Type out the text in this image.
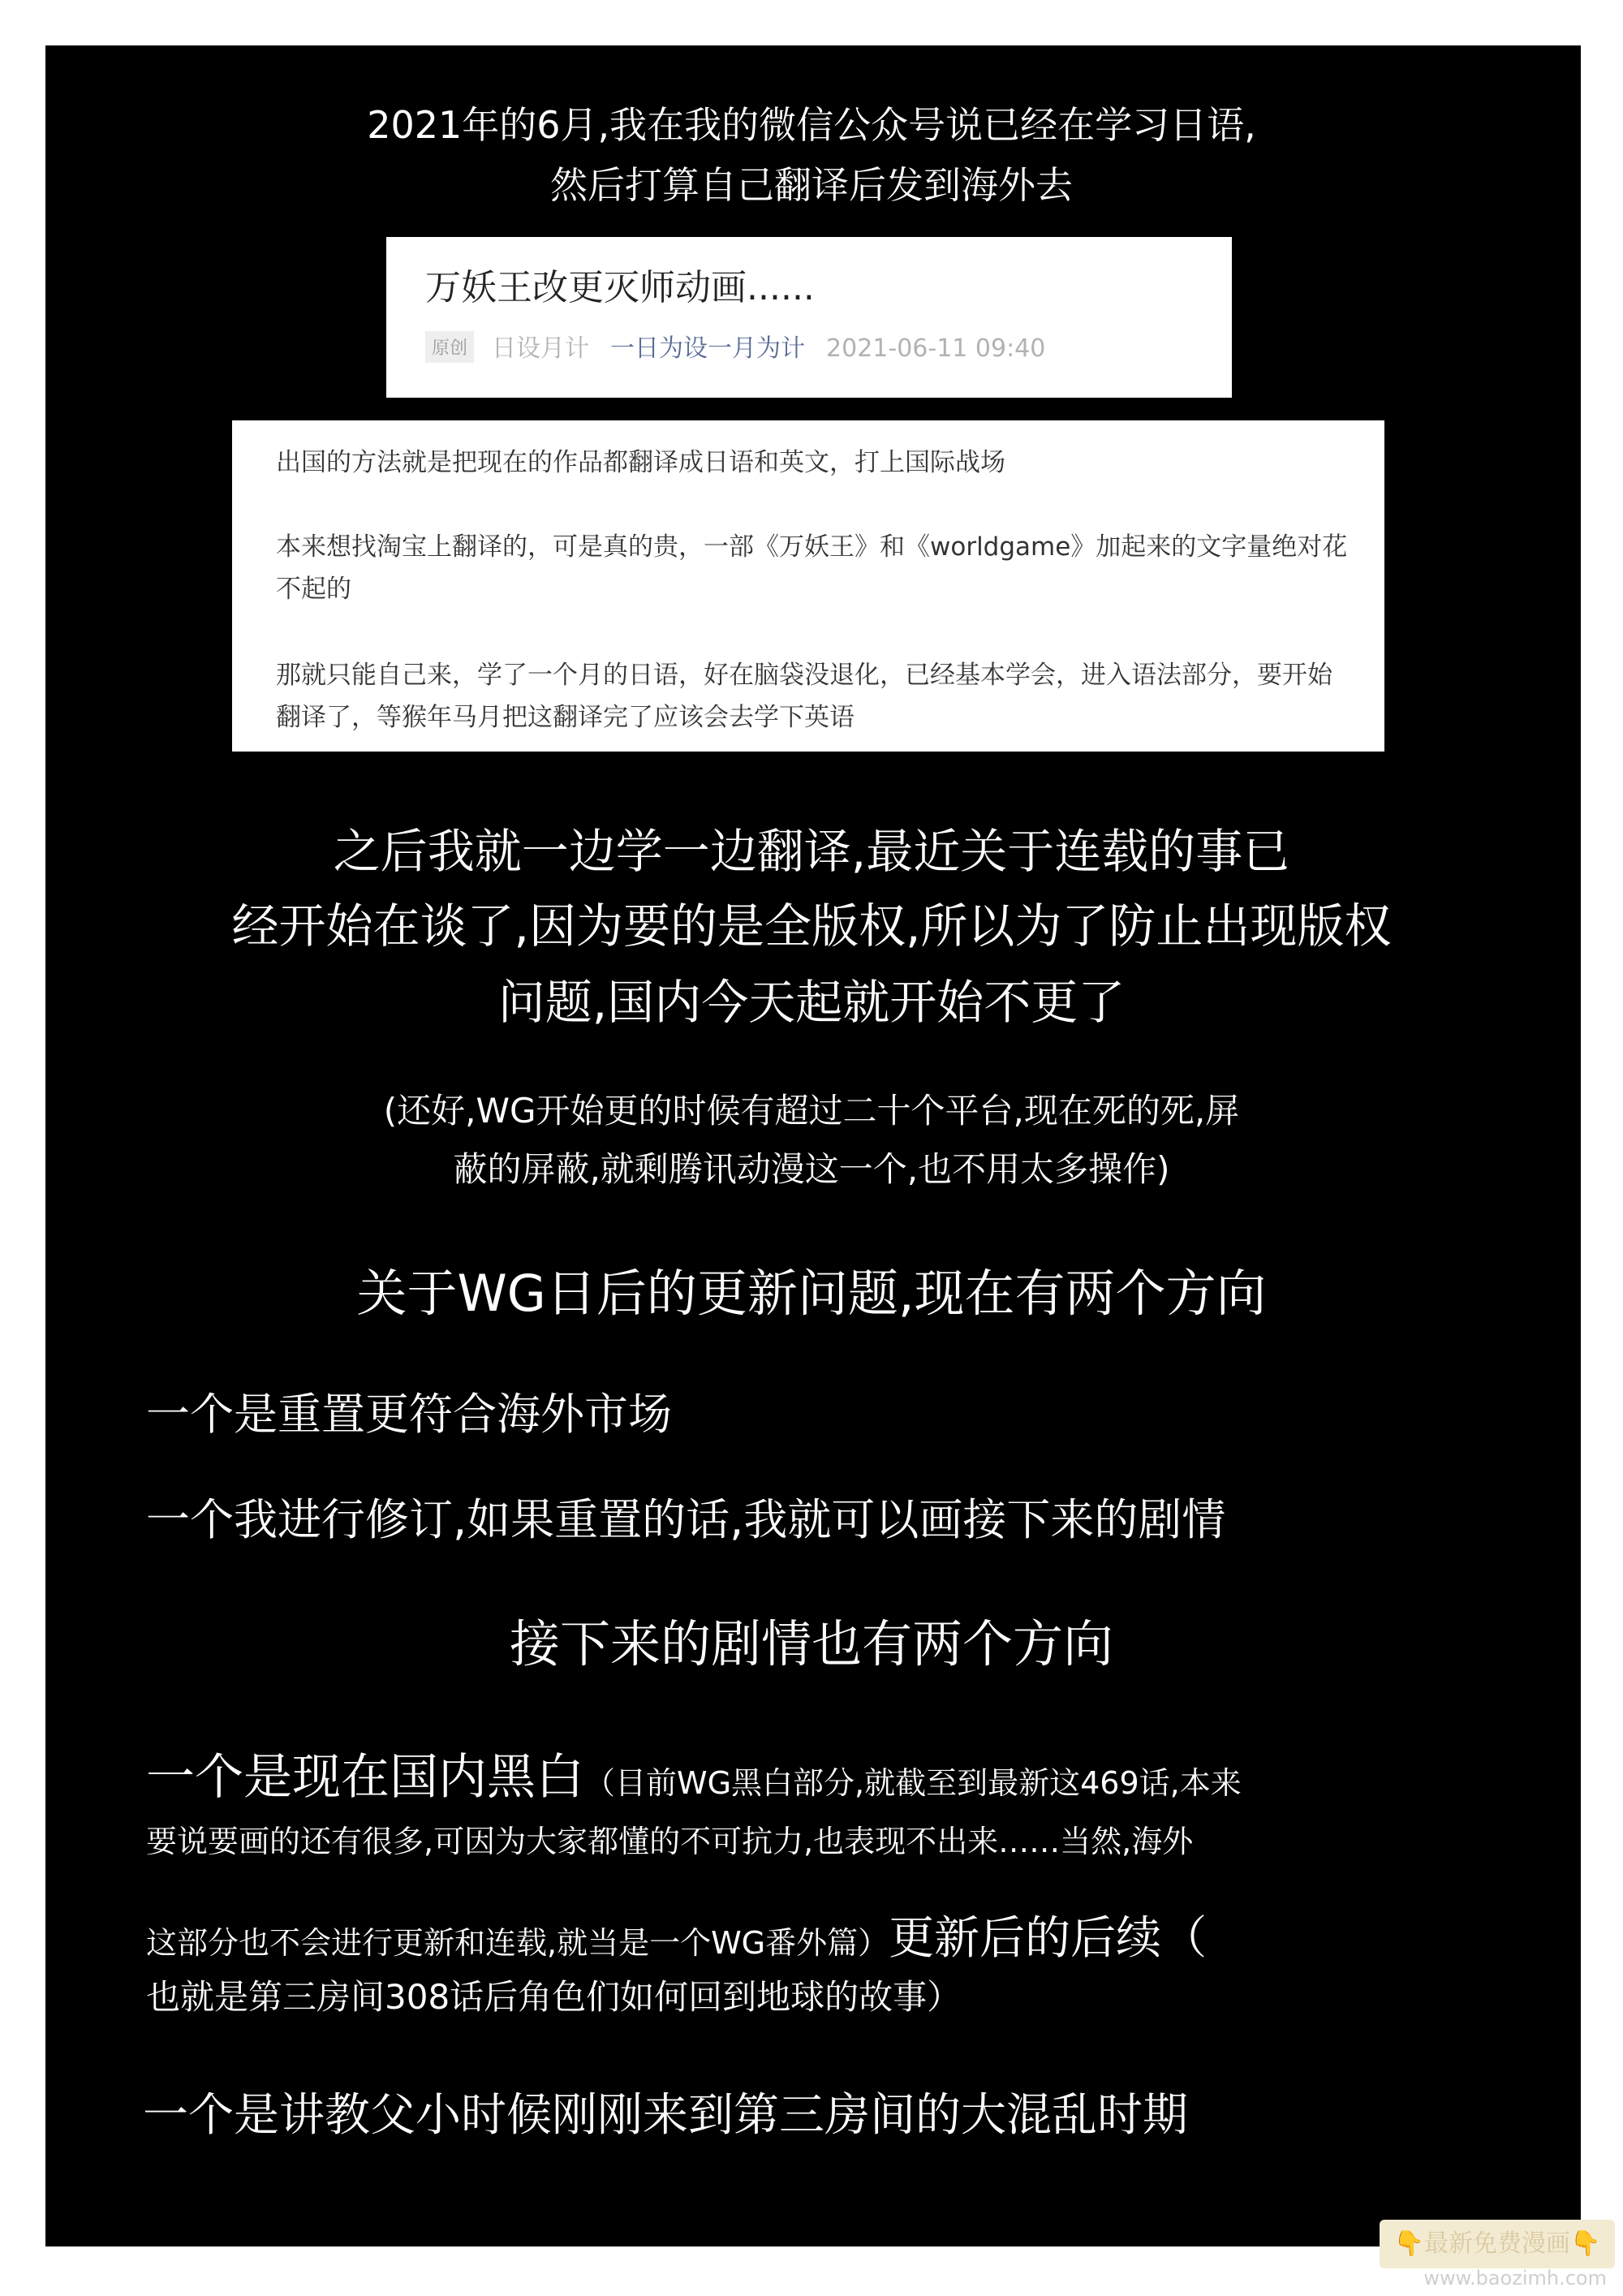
2021年的6月,我在我的微信公众号说已经在学习日语,

然后打算自己翻译后发到海外去

万妖王改更灭师动画......
原创 日设月计 一日为设一月为计 2021-06-11 09:40
出国的方法就是把现在的作品都翻译成日语和英文，打上国际战场
本来想找淘宝上翻译的，可是真的贵，一部《万妖王》和《worldgame》加起来的文字量绝对花不起的
那就只能自己来，学了一个月的日语，好在脑袋没退化，已经基本学会，进入语法部分，要开始翻译了，等猴年马月把这翻译完了应该会去学下英语

之后我就一边学一边翻译,最近关于连载的事已

经开始在谈了,因为要的是全版权,所以为了防止出现版权

问题,国内今天起就开始不更了

(还好,WG开始更的时候有超过二十个平台,现在死的死,屏

蔽的屏蔽,就剩腾讯动漫这一个,也不用太多操作)

关于WG日后的更新问题,现在有两个方向

一个是重置更符合海外市场

一个我进行修订,如果重置的话,我就可以画接下来的剧情

接下来的剧情也有两个方向

一个是现在国内黑白（目前WG黑白部分,就截至到最新这469话,本来

要说要画的还有很多,可因为大家都懂的不可抗力,也表现不出来……当然,海外

这部分也不会进行更新和连载,就当是一个WG番外篇）更新后的后续（

也就是第三房间308话后角色们如何回到地球的故事）

一个是讲教父小时候刚刚来到第三房间的大混乱时期

👇最新免费漫画👇
www.baozimh.com
